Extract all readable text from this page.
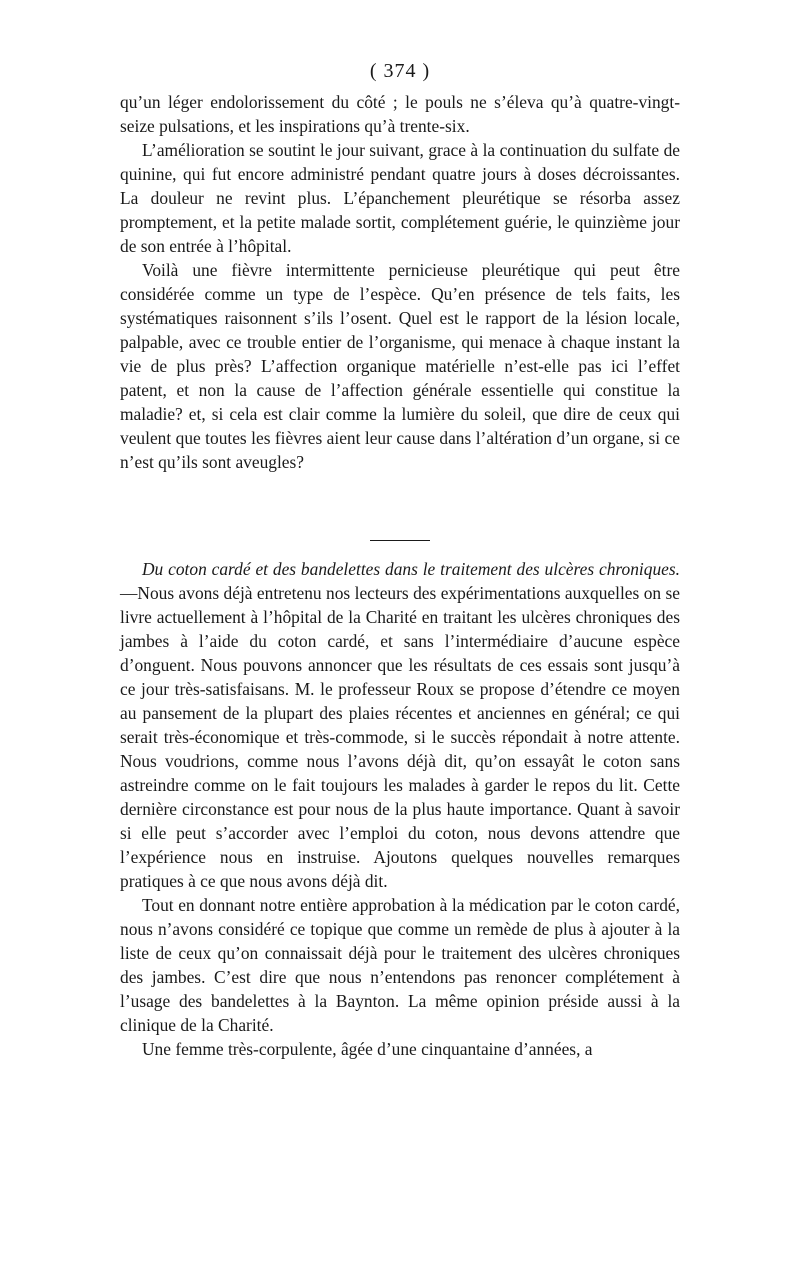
( 374 )

qu’un léger endolorissement du côté ; le pouls ne s’éleva qu’à quatre-vingt-seize pulsations, et les inspirations qu’à trente-six.

L’amélioration se soutint le jour suivant, grace à la continuation du sulfate de quinine, qui fut encore administré pendant quatre jours à doses décroissantes. La douleur ne revint plus. L’épanchement pleurétique se résorba assez promptement, et la petite malade sortit, complétement guérie, le quinzième jour de son entrée à l’hôpital.

Voilà une fièvre intermittente pernicieuse pleurétique qui peut être considérée comme un type de l’espèce. Qu’en présence de tels faits, les systématiques raisonnent s’ils l’osent. Quel est le rapport de la lésion locale, palpable, avec ce trouble entier de l’organisme, qui menace à chaque instant la vie de plus près? L’affection organique matérielle n’est-elle pas ici l’effet patent, et non la cause de l’affection générale essentielle qui constitue la maladie? et, si cela est clair comme la lumière du soleil, que dire de ceux qui veulent que toutes les fièvres aient leur cause dans l’altération d’un organe, si ce n’est qu’ils sont aveugles?

Du coton cardé et des bandelettes dans le traitement des ulcères chroniques. —Nous avons déjà entretenu nos lecteurs des expérimentations auxquelles on se livre actuellement à l’hôpital de la Charité en traitant les ulcères chroniques des jambes à l’aide du coton cardé, et sans l’intermédiaire d’aucune espèce d’onguent. Nous pouvons annoncer que les résultats de ces essais sont jusqu’à ce jour très-satisfaisans. M. le professeur Roux se propose d’étendre ce moyen au pansement de la plupart des plaies récentes et anciennes en général; ce qui serait très-économique et très-commode, si le succès répondait à notre attente. Nous voudrions, comme nous l’avons déjà dit, qu’on essayât le coton sans astreindre comme on le fait toujours les malades à garder le repos du lit. Cette dernière circonstance est pour nous de la plus haute importance. Quant à savoir si elle peut s’accorder avec l’emploi du coton, nous devons attendre que l’expérience nous en instruise. Ajoutons quelques nouvelles remarques pratiques à ce que nous avons déjà dit.

Tout en donnant notre entière approbation à la médication par le coton cardé, nous n’avons considéré ce topique que comme un remède de plus à ajouter à la liste de ceux qu’on connaissait déjà pour le traitement des ulcères chroniques des jambes. C’est dire que nous n’entendons pas renoncer complétement à l’usage des bandelettes à la Baynton. La même opinion préside aussi à la clinique de la Charité.

Une femme très-corpulente, âgée d’une cinquantaine d’années, a
